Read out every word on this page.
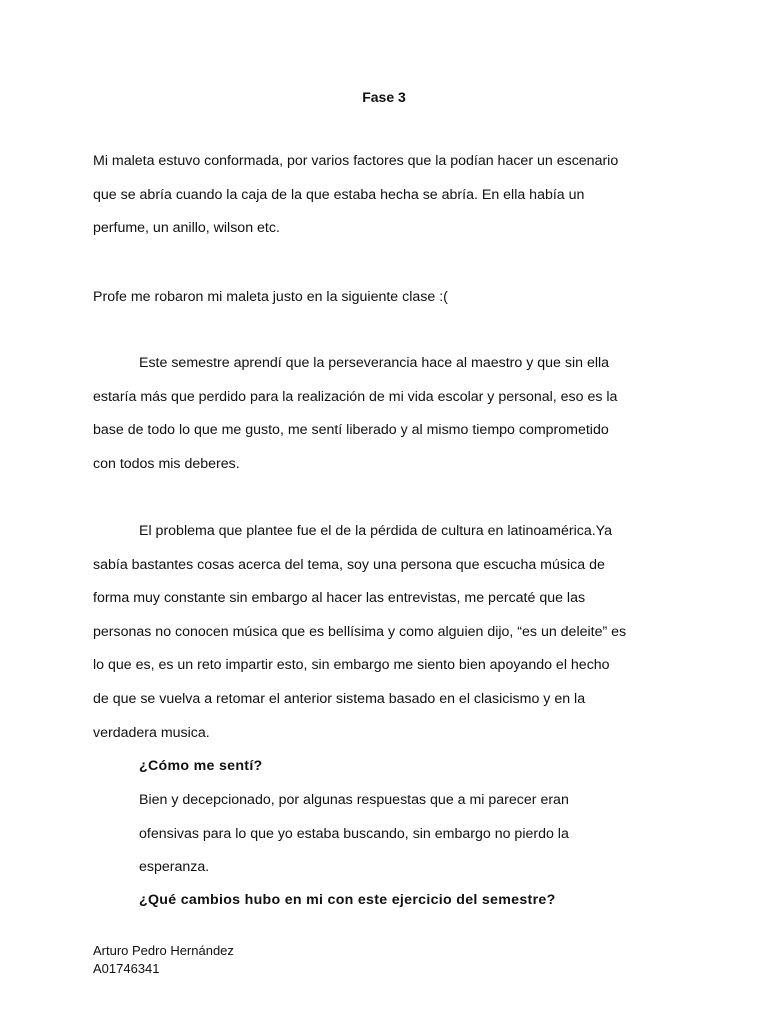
Fase 3

Mi maleta estuvo conformada, por varios factores que la podían hacer un escenario
que se abría cuando la caja de la que estaba hecha se abría. En ella había un
perfume, un anillo, wilson etc.

Profe me robaron mi maleta justo en la siguiente clase :(

Este semestre aprendí que la perseverancia hace al maestro y que sin ella
estaría más que perdido para la realización de mi vida escolar y personal, eso es la
base de todo lo que me gusto, me sentí liberado y al mismo tiempo comprometido
con todos mis deberes.

El problema que plantee fue el de la pérdida de cultura en latinoamérica.Ya
sabía bastantes cosas acerca del tema, soy una persona que escucha música de
forma muy constante sin embargo al hacer las entrevistas, me percaté que las
personas no conocen música que es bellísima y como alguien dijo, “es un deleite” es
lo que es, es un reto impartir esto, sin embargo me siento bien apoyando el hecho
de que se vuelva a retomar el anterior sistema basado en el clasicismo y en la
verdadera musica.

¿Cómo me sentí?

Bien y decepcionado, por algunas respuestas que a mi parecer eran
ofensivas para lo que yo estaba buscando, sin embargo no pierdo la
esperanza.

¿Qué cambios hubo en mi con este ejercicio del semestre?

Arturo Pedro Hernández
A01746341
